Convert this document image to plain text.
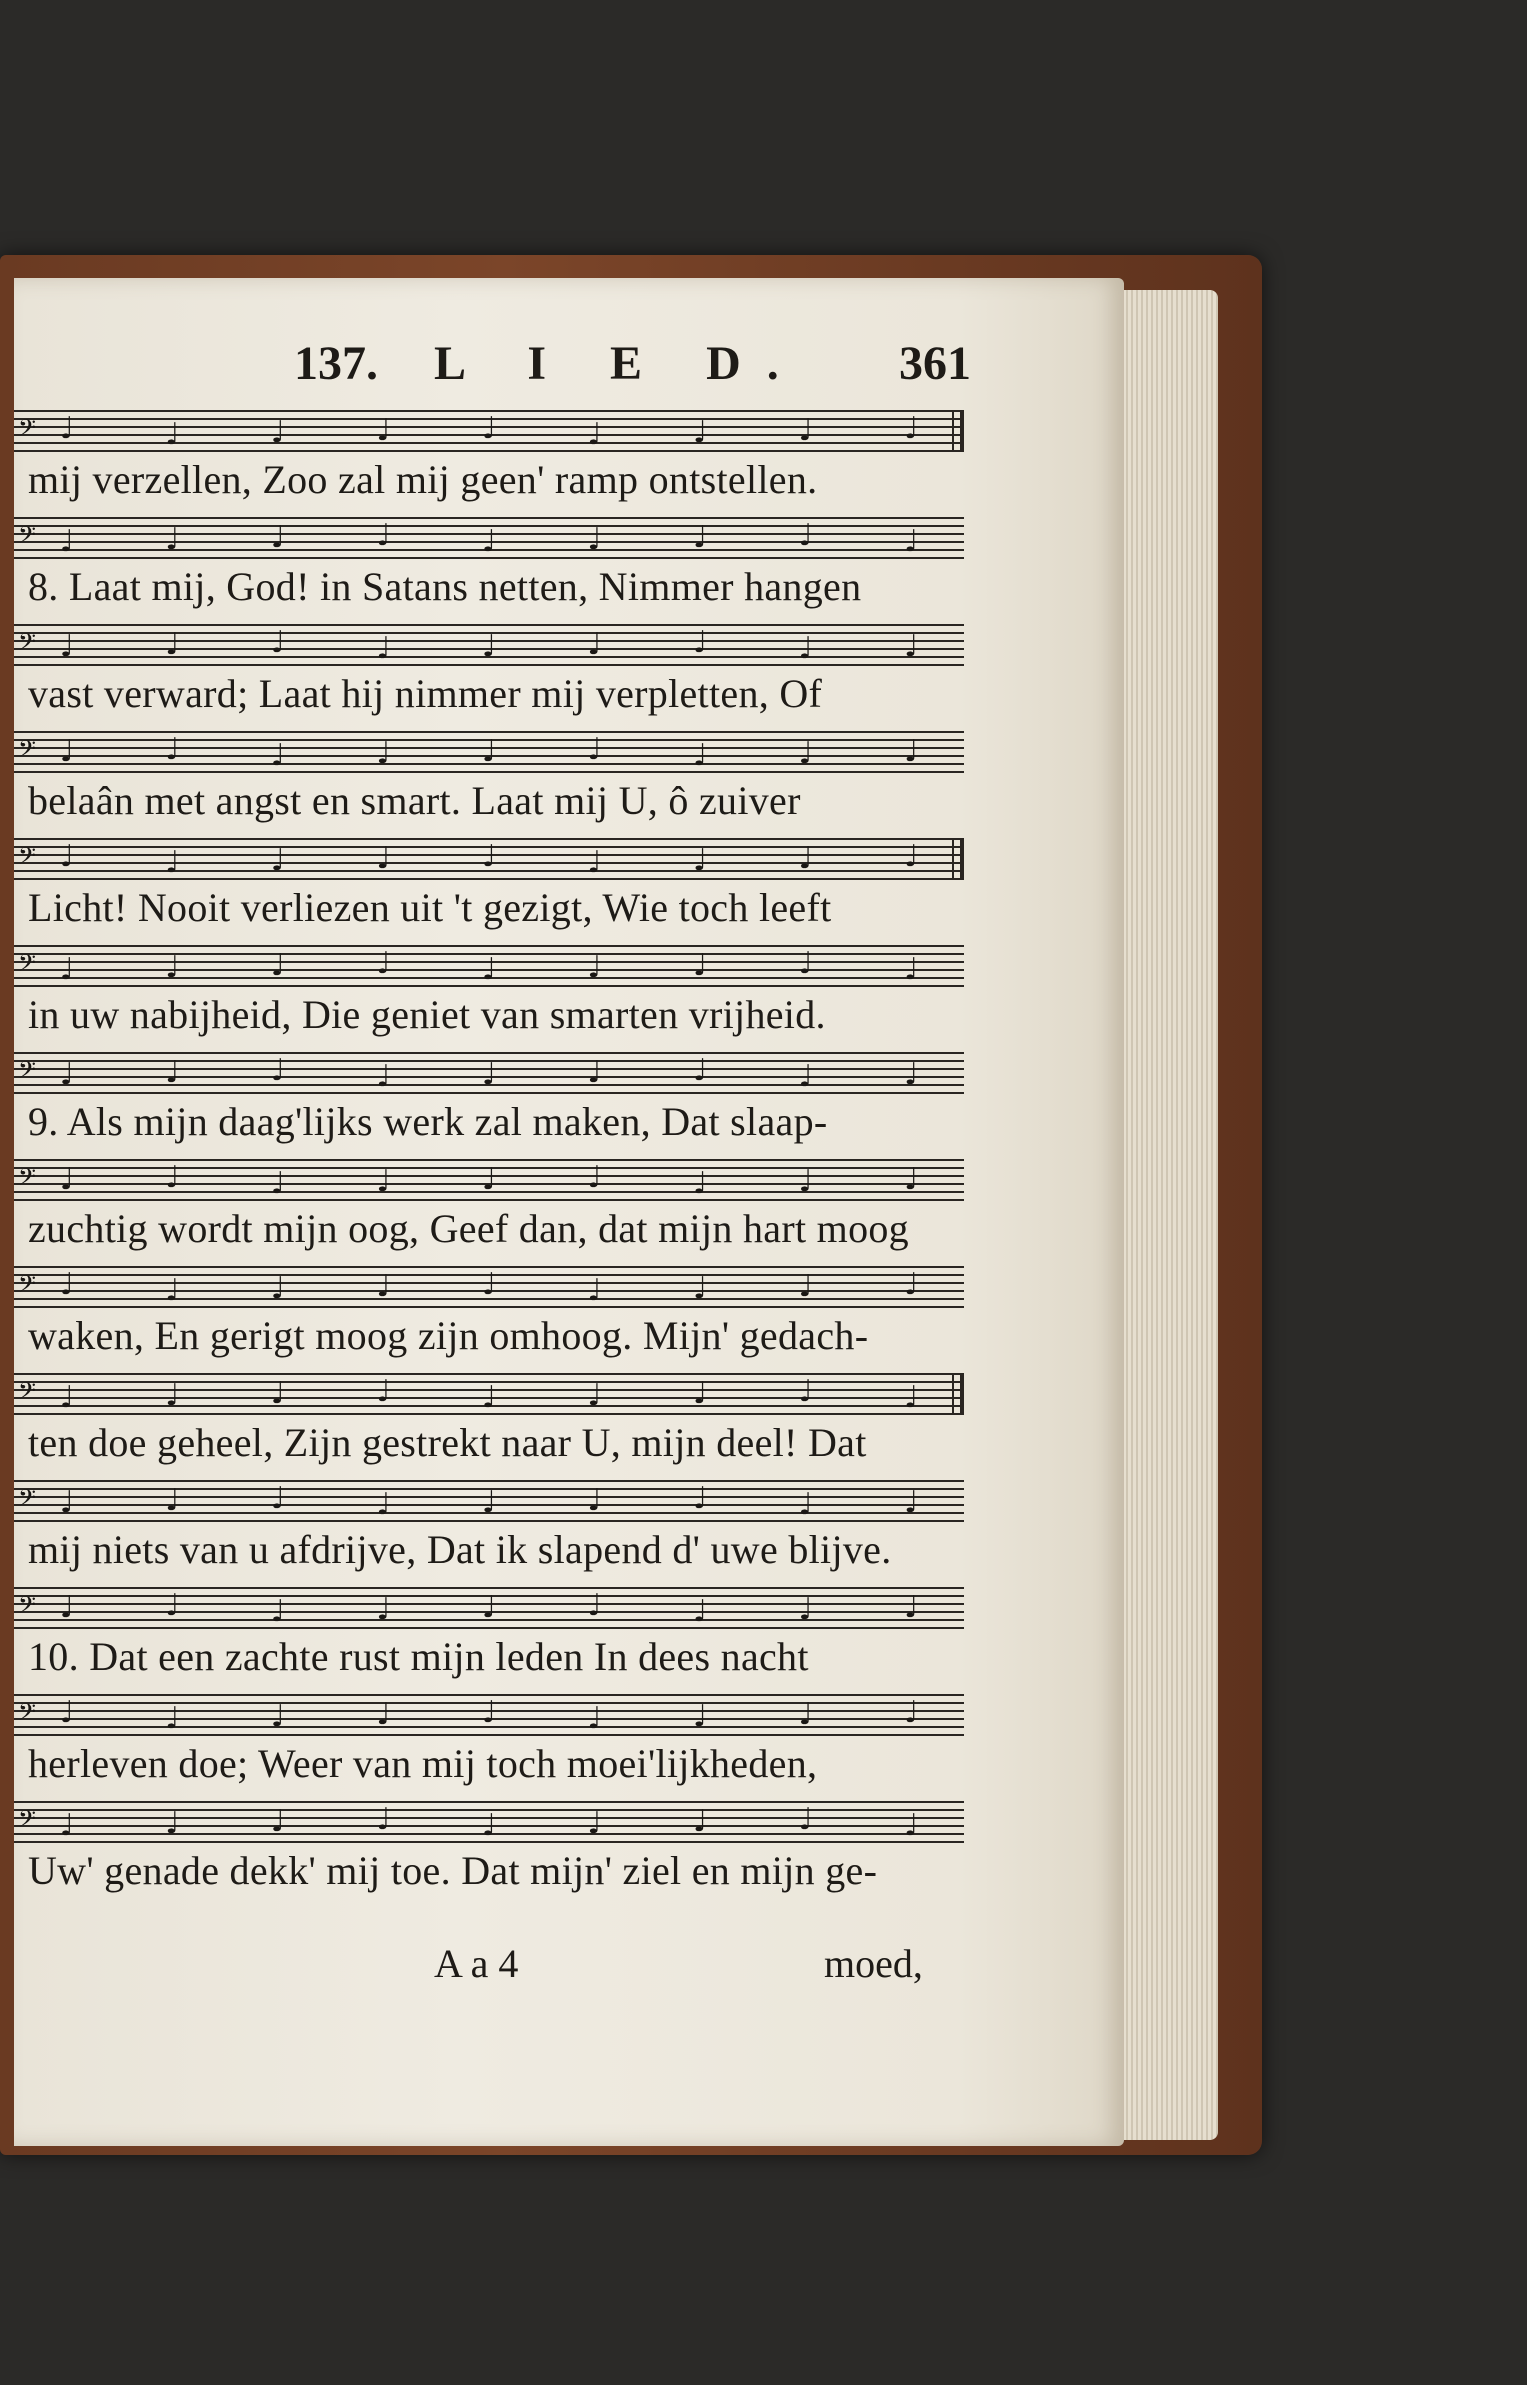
137. L I E D. 361
𝄢 ♩	♩	♩	♩	♩	♩	♩	♩	♩
mij verzellen, Zoo zal mij geen' ramp ontstellen.
𝄢 ♩	♩	♩	♩	♩	♩	♩	♩	♩
8. Laat mij, God! in Satans netten, Nimmer hangen
𝄢 ♩	♩	♩	♩	♩	♩	♩	♩	♩
vast verward; Laat hij nimmer mij verpletten, Of
𝄢 ♩	♩	♩	♩	♩	♩	♩	♩	♩
belaân met angst en smart. Laat mij U, ô zuiver
𝄢 ♩	♩	♩	♩	♩	♩	♩	♩	♩
Licht! Nooit verliezen uit 't gezigt, Wie toch leeft
𝄢 ♩	♩	♩	♩	♩	♩	♩	♩	♩
in uw nabijheid, Die geniet van smarten vrijheid.
𝄢 ♩	♩	♩	♩	♩	♩	♩	♩	♩
9. Als mijn daag'lijks werk zal maken, Dat slaap-
𝄢 ♩	♩	♩	♩	♩	♩	♩	♩	♩
zuchtig wordt mijn oog, Geef dan, dat mijn hart moog
𝄢 ♩	♩	♩	♩	♩	♩	♩	♩	♩
waken, En gerigt moog zijn omhoog. Mijn' gedach-
𝄢 ♩	♩	♩	♩	♩	♩	♩	♩	♩
ten doe geheel, Zijn gestrekt naar U, mijn deel! Dat
𝄢 ♩	♩	♩	♩	♩	♩	♩	♩	♩
mij niets van u afdrijve, Dat ik slapend d' uwe blijve.
𝄢 ♩	♩	♩	♩	♩	♩	♩	♩	♩
10. Dat een zachte rust mijn leden In dees nacht
𝄢 ♩	♩	♩	♩	♩	♩	♩	♩	♩
herleven doe; Weer van mij toch moei'lijkheden,
𝄢 ♩	♩	♩	♩	♩	♩	♩	♩	♩
Uw' genade dekk' mij toe. Dat mijn' ziel en mijn ge-
A a 4	moed,
